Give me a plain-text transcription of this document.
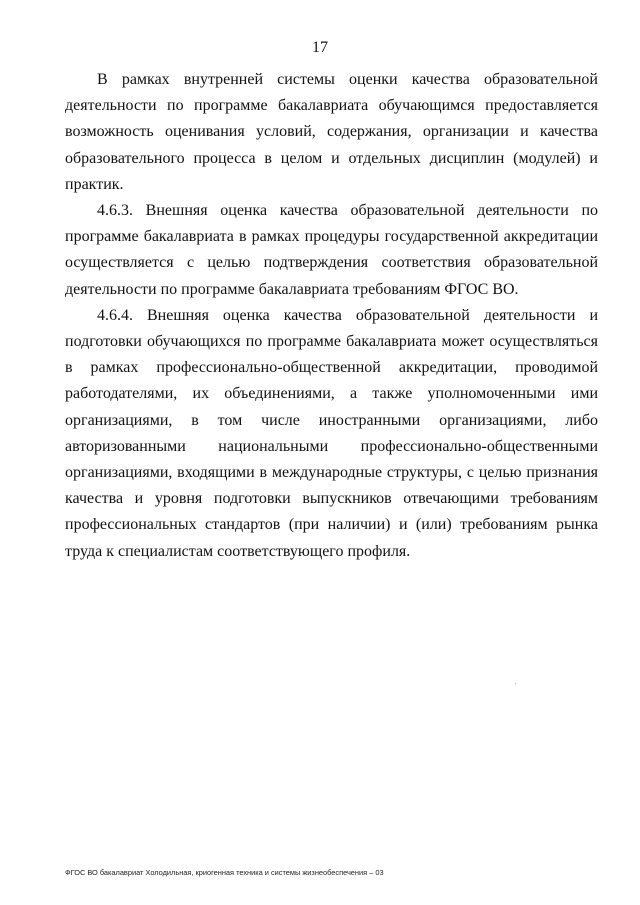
17

В рамках внутренней системы оценки качества образовательной деятельности по программе бакалавриата обучающимся предоставляется возможность оценивания условий, содержания, организации и качества образовательного процесса в целом и отдельных дисциплин (модулей) и практик.

4.6.3. Внешняя оценка качества образовательной деятельности по программе бакалавриата в рамках процедуры государственной аккредитации осуществляется с целью подтверждения соответствия образовательной деятельности по программе бакалавриата требованиям ФГОС ВО.

4.6.4. Внешняя оценка качества образовательной деятельности и подготовки обучающихся по программе бакалавриата может осуществляться в рамках профессионально-общественной аккредитации, проводимой работодателями, их объединениями, а также уполномоченными ими организациями, в том числе иностранными организациями, либо авторизованными национальными профессионально-общественными организациями, входящими в международные структуры, с целью признания качества и уровня подготовки выпускников отвечающими требованиям профессиональных стандартов (при наличии) и (или) требованиям рынка труда к специалистам соответствующего профиля.

ФГОС ВО бакалавриат Холодильная, криогенная техника и системы жизнеобеспечения – 03
